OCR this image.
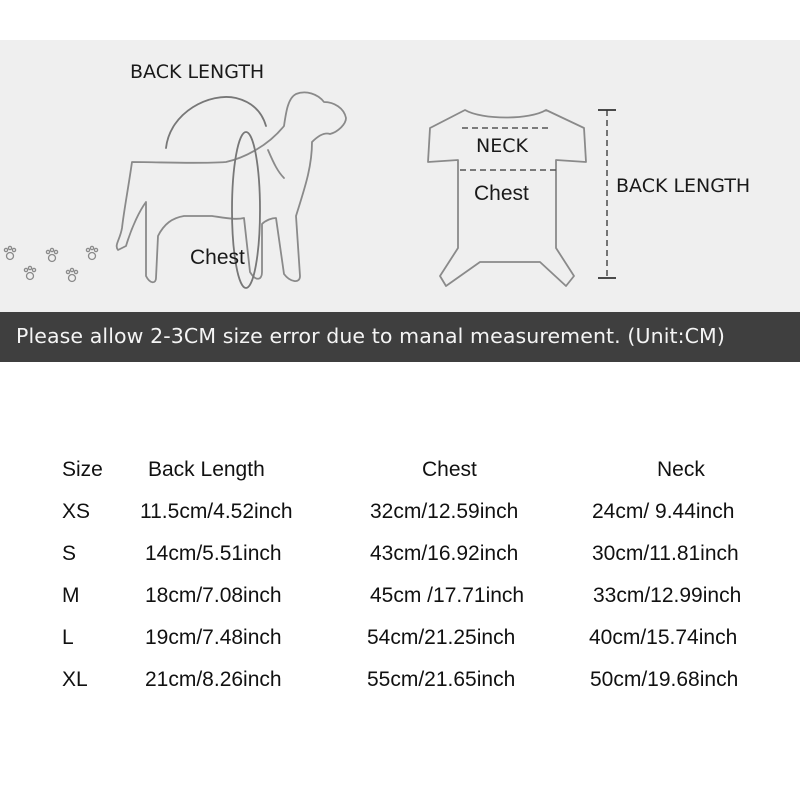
BACK LENGTH
Chest
NECK
Chest	BACK LENGTH
Please allow 2-3CM size error due to manal measurement. (Unit:CM)
Size Back Length	Chest	Neck
XS 11.5cm/4.52inch	32cm/12.59inch	24cm/ 9.44inch
S	14cm/5.51inch	43cm/16.92inch	30cm/11.81inch
M	18cm/7.08inch	45cm /17.71inch	33cm/12.99inch
L	19cm/7.48inch	54cm/21.25inch	40cm/15.74inch
XL	21cm/8.26inch	55cm/21.65inch	50cm/19.68inch
